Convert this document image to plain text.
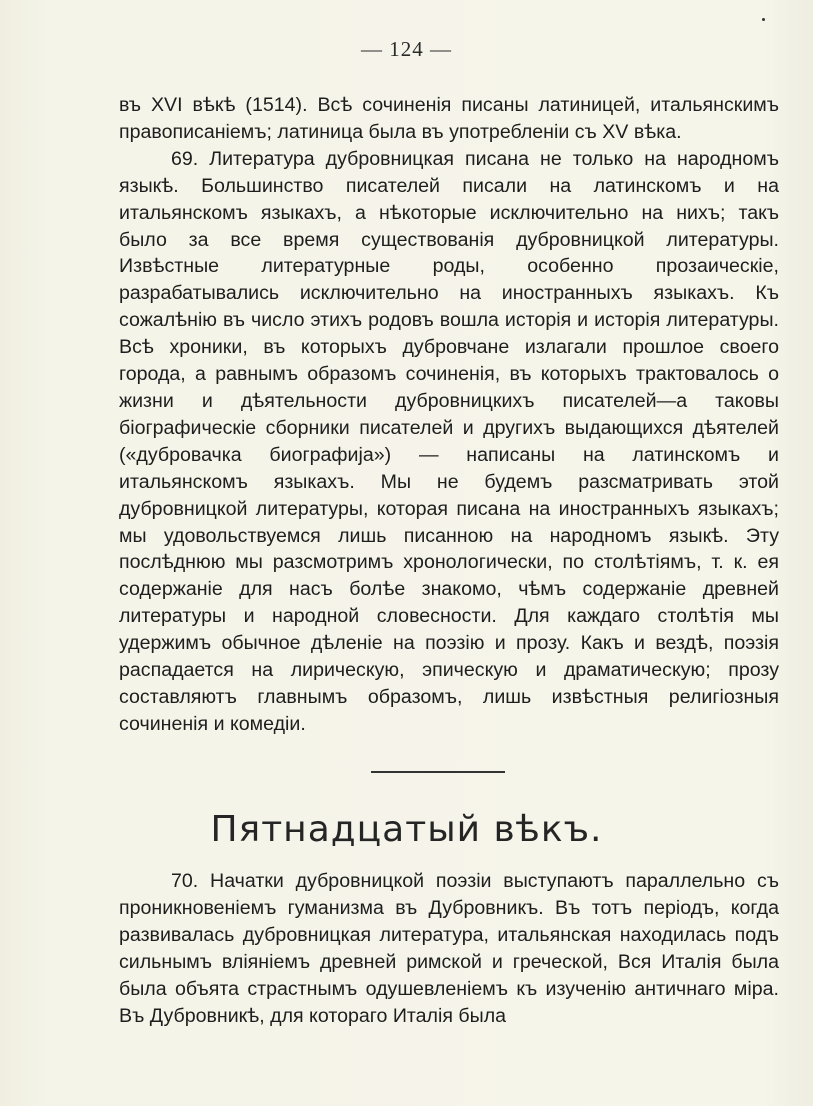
— 124 —

въ XVI вѣкѣ (1514). Всѣ сочиненія писаны латиницей, итальянскимъ правописаніемъ; латиница была въ употребленіи съ XV вѣка.

69. Литература дубровницкая писана не только на народномъ языкѣ. Большинство писателей писали на латинскомъ и на итальянскомъ языкахъ, а нѣкоторые исключительно на нихъ; такъ было за все время существованія дубровницкой литературы. Извѣстные литературные роды, особенно прозаическіе, разрабатывались исключительно на иностранныхъ языкахъ. Къ сожалѣнію въ число этихъ родовъ вошла исторія и исторія литературы. Всѣ хроники, въ которыхъ дубровчане излагали прошлое своего города, а равнымъ образомъ сочиненія, въ которыхъ трактовалось о жизни и дѣятельности дубровницкихъ писателей—а таковы біографическіе сборники писателей и другихъ выдающихся дѣятелей («дубровачка биографија») — написаны на латинскомъ и итальянскомъ языкахъ. Мы не будемъ разсматривать этой дубровницкой литературы, которая писана на иностранныхъ языкахъ; мы удовольствуемся лишь писанною на народномъ языкѣ. Эту послѣднюю мы разсмотримъ хронологически, по столѣтіямъ, т. к. ея содержаніе для насъ болѣе знакомо, чѣмъ содержаніе древней литературы и народной словесности. Для каждаго столѣтія мы удержимъ обычное дѣленіе на поэзію и прозу. Какъ и вездѣ, поэзія распадается на лирическую, эпическую и драматическую; прозу составляютъ главнымъ образомъ, лишь извѣстныя религіозныя сочиненія и комедіи.

Пятнадцатый вѣкъ.

70. Начатки дубровницкой поэзіи выступаютъ параллельно съ проникновеніемъ гуманизма въ Дубровникъ. Въ тотъ періодъ, когда развивалась дубровницкая литература, итальянская находилась подъ сильнымъ вліяніемъ древней римской и греческой, Вся Италія была была объята страстнымъ одушевленіемъ къ изученію античнаго міра. Въ Дубровникѣ, для котораго Италія была
